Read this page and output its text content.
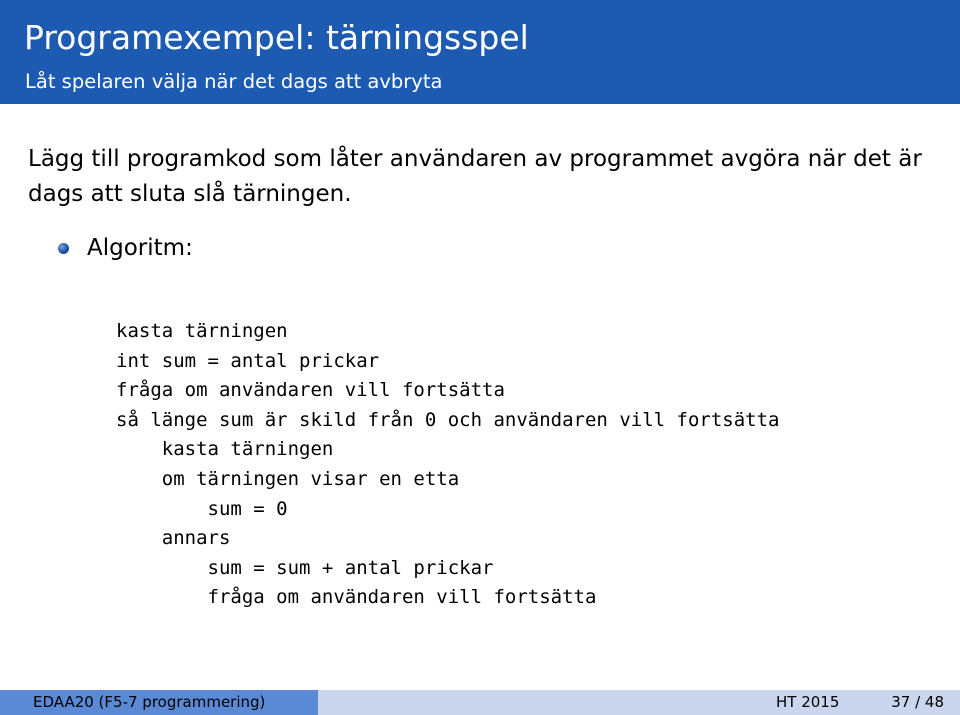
Programexempel: tärningsspel
Låt spelaren välja när det dags att avbryta

Lägg till programkod som låter användaren av programmet avgöra när det är dags att sluta slå tärningen.

Algoritm:
kasta tärningen
int sum = antal prickar
fråga om användaren vill fortsätta
så länge sum är skild från 0 och användaren vill fortsätta
kasta tärningen
om tärningen visar en etta
sum = 0
annars
sum = sum + antal prickar
fråga om användaren vill fortsätta
EDAA20 (F5-7 programmering)	HT 2015	37 / 48
